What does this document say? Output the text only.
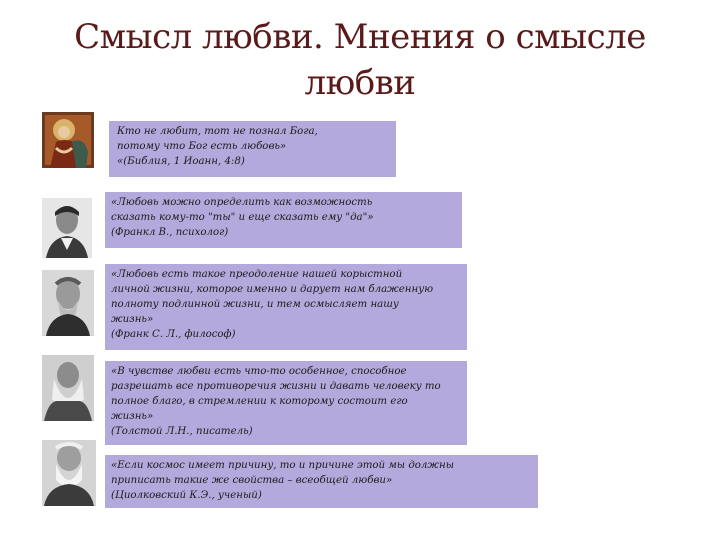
Смысл любви. Мнения о смысле
любви
Кто не любит, тот не познал Бога,
потому что Бог есть любовь»
«(Библия, 1 Иоанн, 4:8)
«Любовь можно определить как возможность
сказать кому-то "ты" и еще сказать ему "да"»
(Франкл В., психолог)
«Любовь есть такое преодоление нашей корыстной
личной жизни, которое именно и дарует нам блаженную
полноту подлинной жизни, и тем осмысляет нашу
жизнь»
(Франк С. Л., философ)
«В чувстве любви есть что-то особенное, способное
разрешать все противоречия жизни и давать человеку то
полное благо, в стремлении к которому состоит его
жизнь»
(Толстой Л.Н., писатель)
«Если космос имеет причину, то и причине этой мы должны
приписать такие же свойства – всеобщей любви»
(Циолковский К.Э., ученый)
